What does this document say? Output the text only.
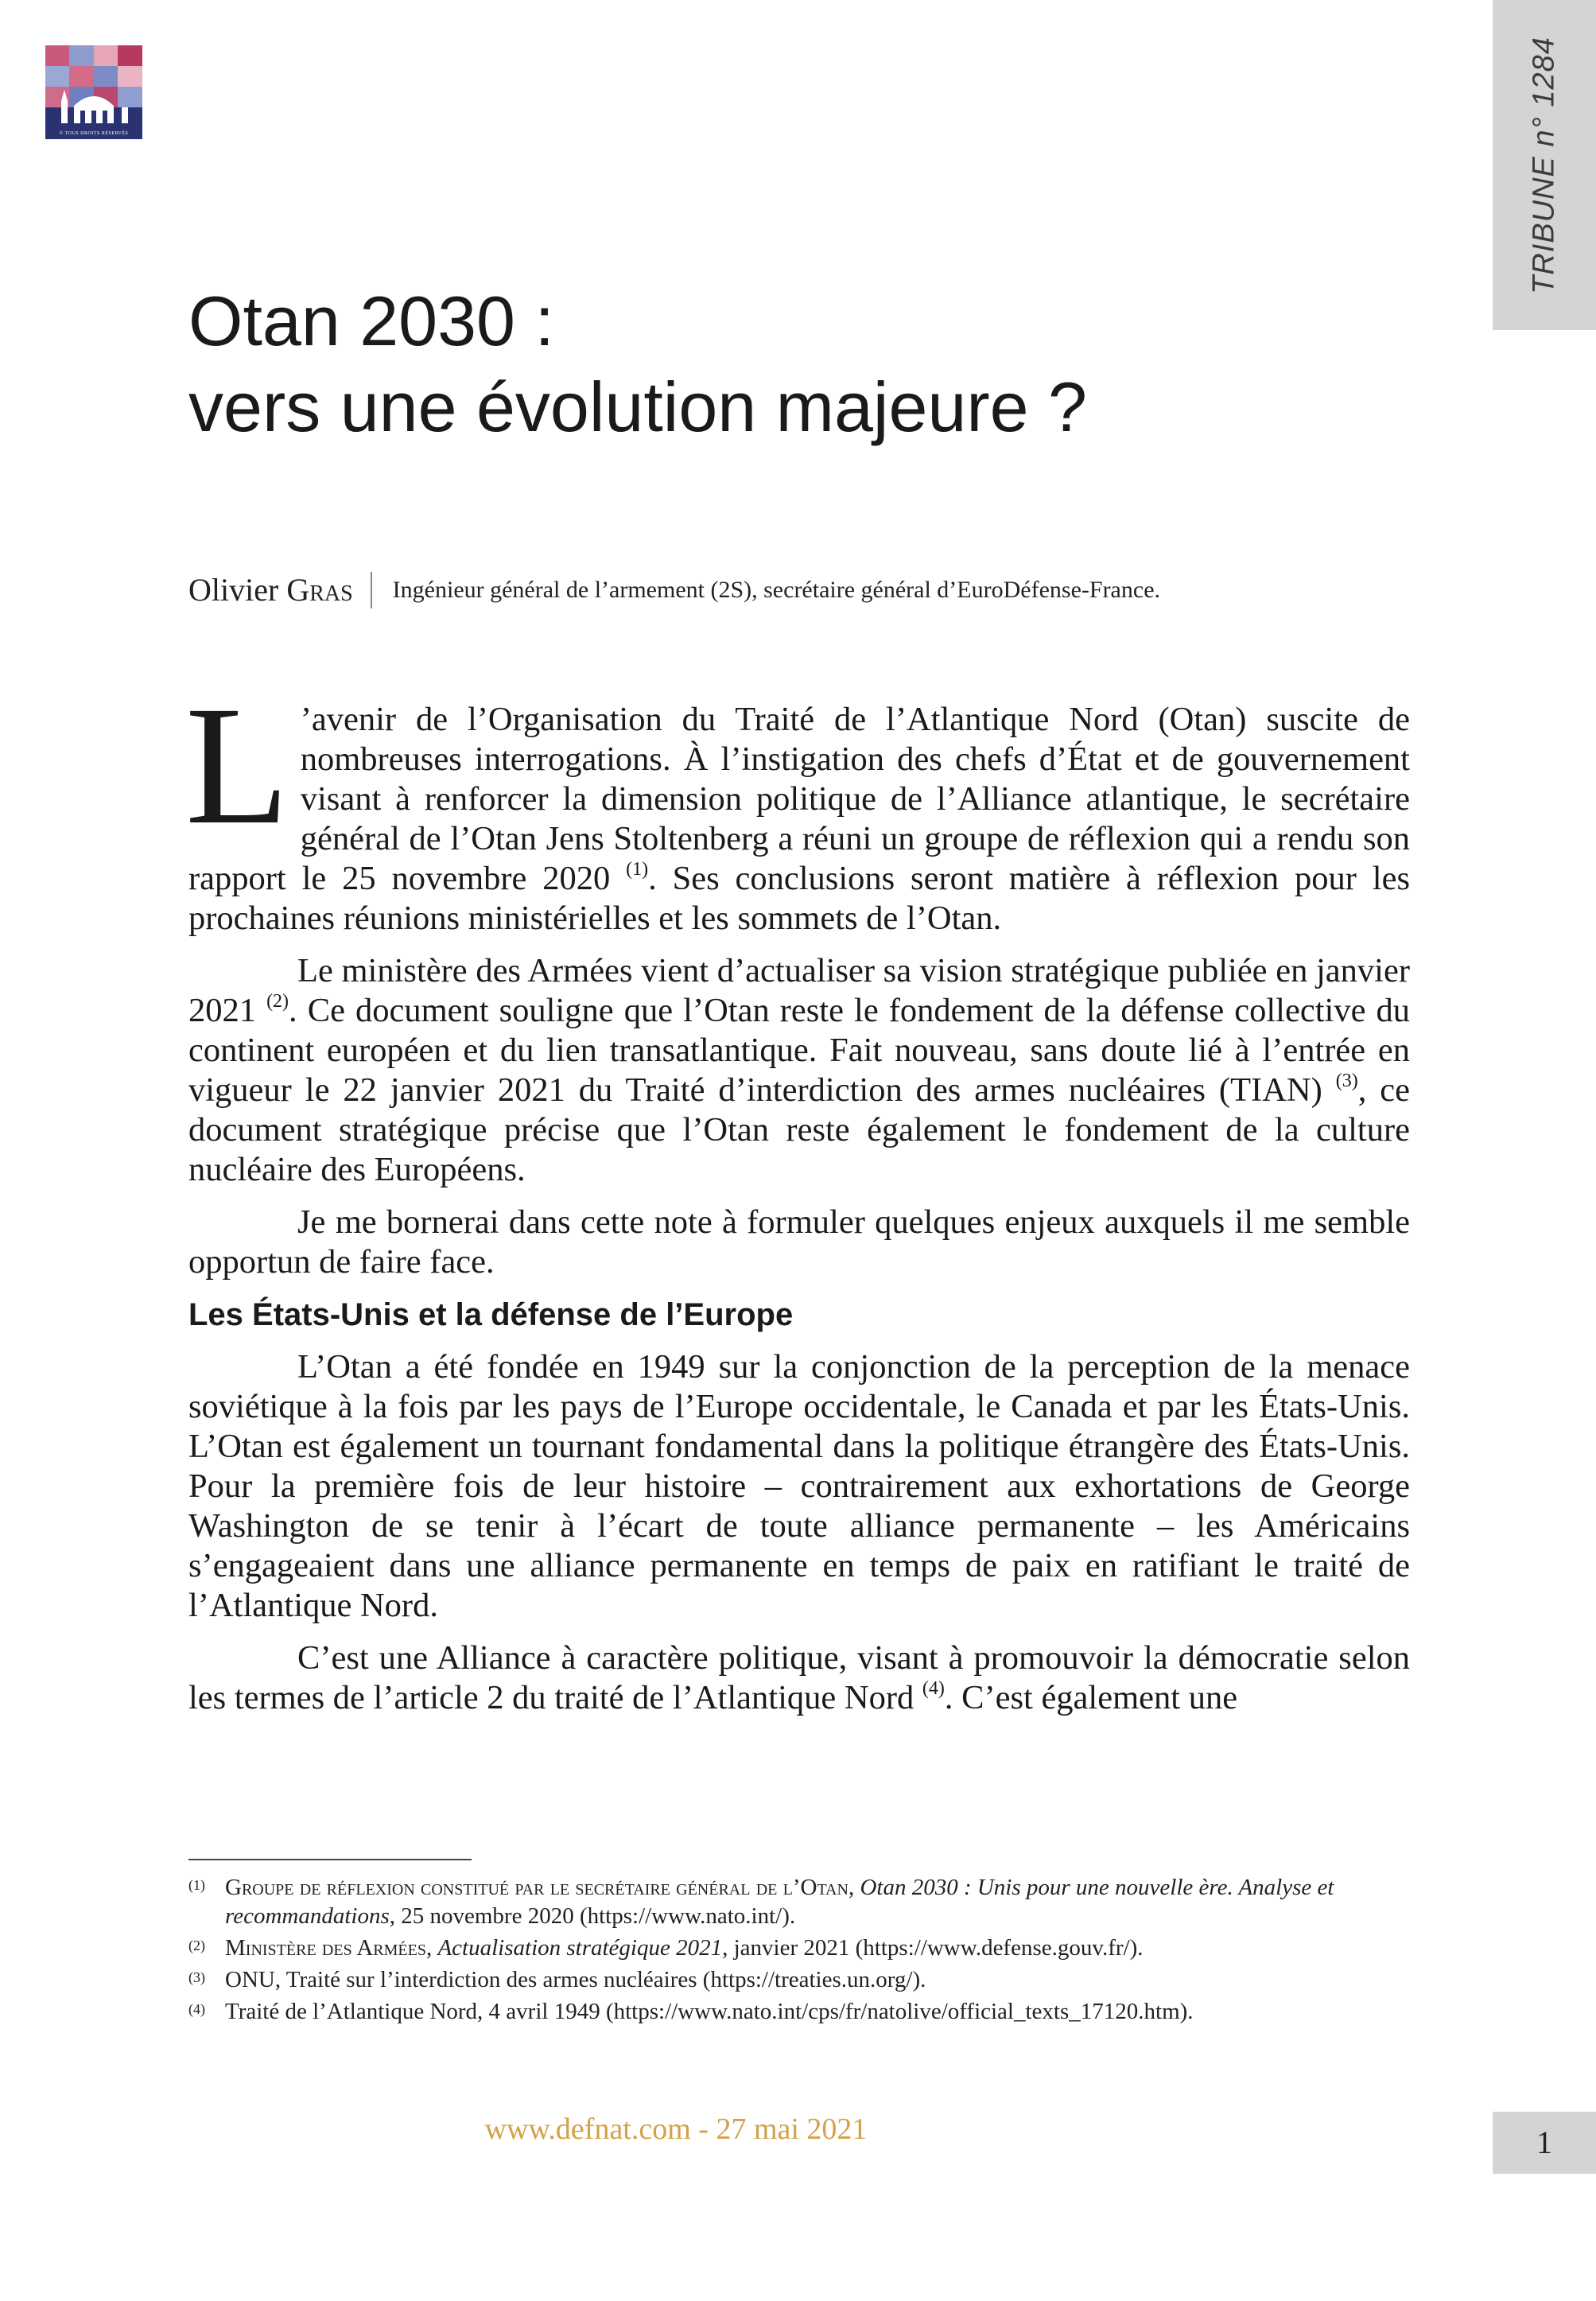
© TOUS DROITS RÉSERVÉS	TRIBUNE n° 1284
Otan 2030 :
vers une évolution majeure ?
Olivier Gras Ingénieur général de l’armement (2S), secrétaire général d’EuroDéfense-France.

L ’avenir de l’Organisation du Traité de l’Atlantique Nord (Otan) suscite de nombreuses interrogations. À l’instigation des chefs d’État et de gouvernement visant à renforcer la dimension politique de l’Alliance atlantique, le secrétaire général de l’Otan Jens Stoltenberg a réuni un groupe de réflexion qui a rendu son rapport le 25 novembre 2020 $^{(1)}$. Ses conclusions seront matière à réflexion pour les prochaines réunions ministérielles et les sommets de l’Otan.

Le ministère des Armées vient d’actualiser sa vision stratégique publiée en janvier 2021 $^{(2)}$. Ce document souligne que l’Otan reste le fondement de la défense collective du continent européen et du lien transatlantique. Fait nouveau, sans doute lié à l’entrée en vigueur le 22 janvier 2021 du Traité d’interdiction des armes nucléaires (TIAN) $^{(3)}$, ce document stratégique précise que l’Otan reste également le fondement de la culture nucléaire des Européens.

Je me bornerai dans cette note à formuler quelques enjeux auxquels il me semble opportun de faire face.

Les États-Unis et la défense de l’Europe

L’Otan a été fondée en 1949 sur la conjonction de la perception de la menace soviétique à la fois par les pays de l’Europe occidentale, le Canada et par les États-Unis. L’Otan est également un tournant fondamental dans la politique étrangère des États-Unis. Pour la première fois de leur histoire – contrairement aux exhortations de George Washington de se tenir à l’écart de toute alliance permanente – les Américains s’engageaient dans une alliance permanente en temps de paix en ratifiant le traité de l’Atlantique Nord.

C’est une Alliance à caractère politique, visant à promouvoir la démocratie selon les termes de l’article 2 du traité de l’Atlantique Nord $^{(4)}$. C’est également une

(1) Groupe de réflexion constitué par le secrétaire général de l’Otan, Otan 2030 : Unis pour une nouvelle ère. Analyse et recommandations, 25 novembre 2020 (https://www.nato.int/).
(2) Ministère des Armées, Actualisation stratégique 2021, janvier 2021 (https://www.defense.gouv.fr/).
(3) ONU, Traité sur l’interdiction des armes nucléaires (https://treaties.un.org/).
(4) Traité de l’Atlantique Nord, 4 avril 1949 (https://www.nato.int/cps/fr/natolive/official_texts_17120.htm).
www.defnat.com - 27 mai 2021	1
